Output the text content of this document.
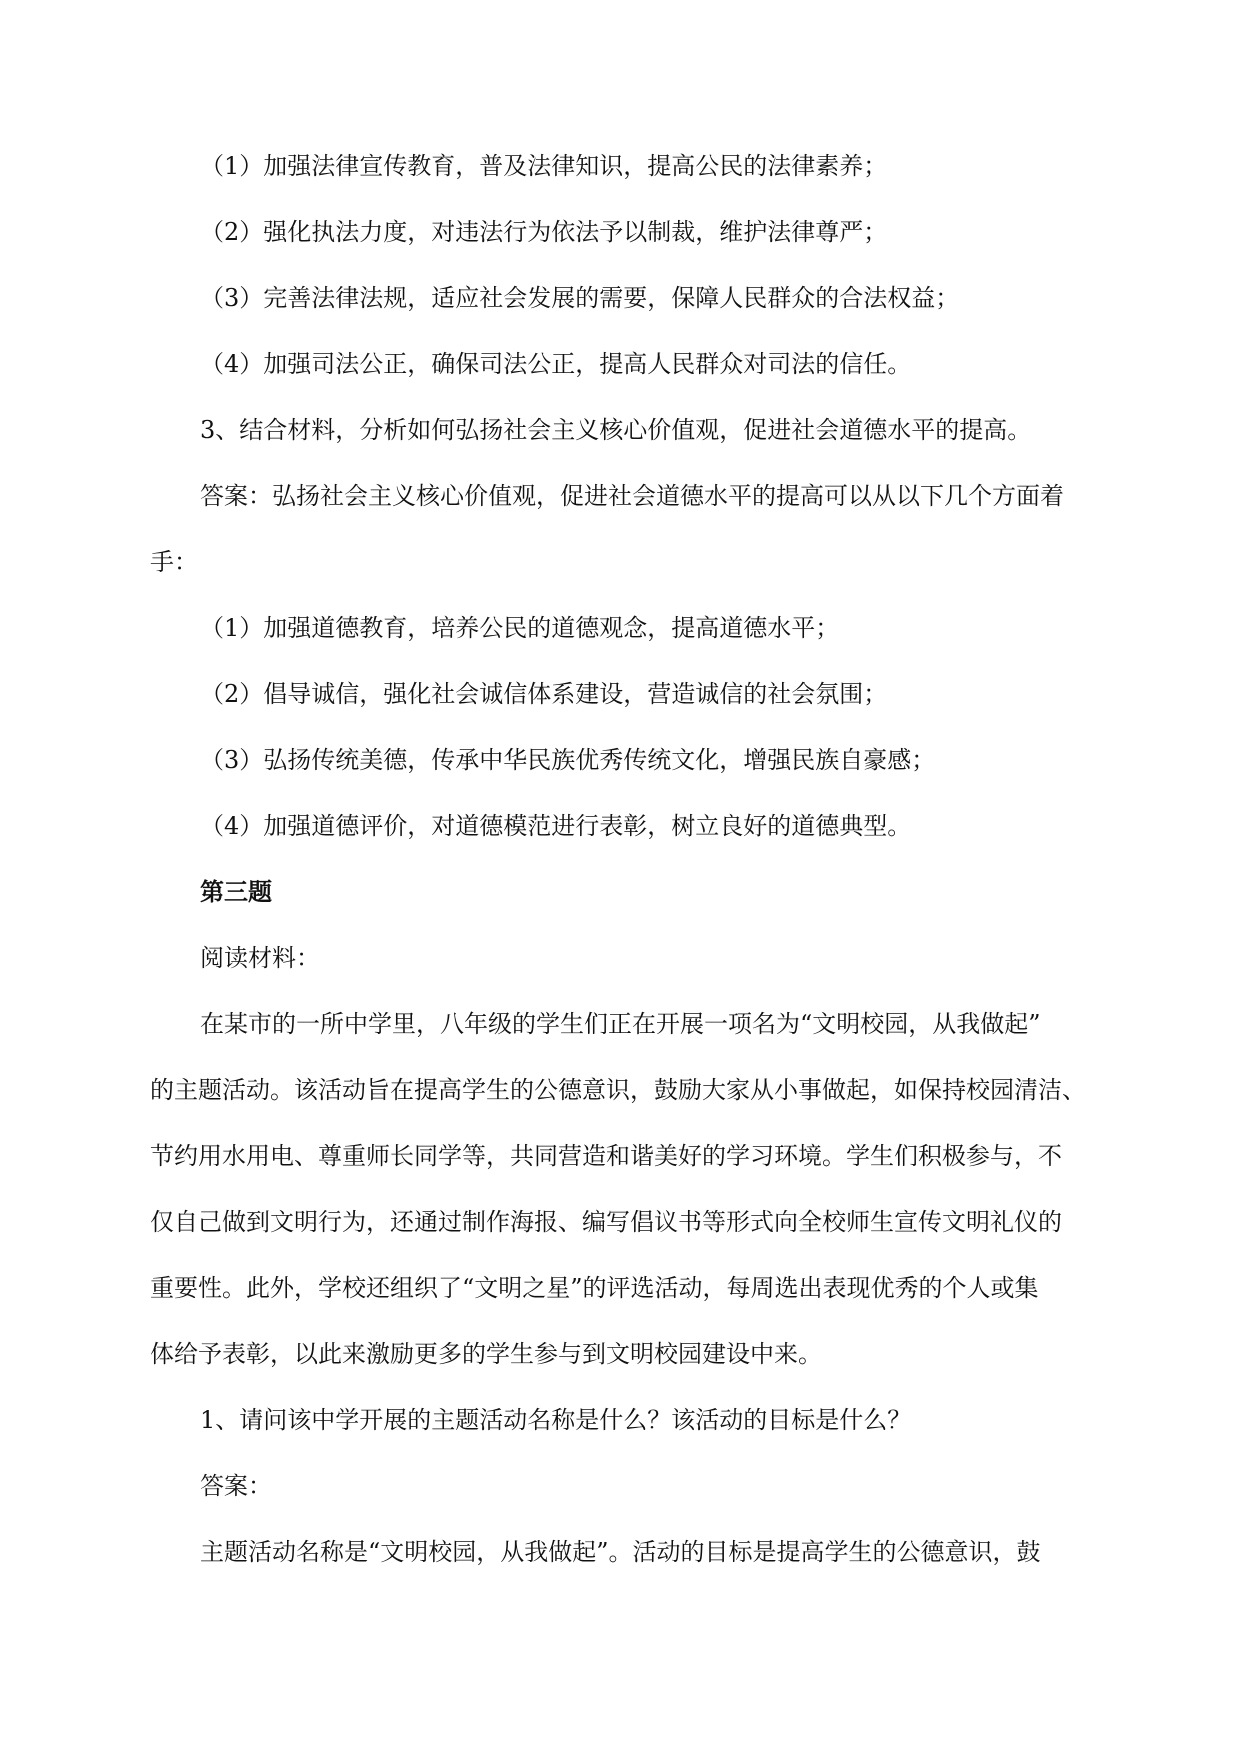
（1）加强法律宣传教育，普及法律知识，提高公民的法律素养；
（2）强化执法力度，对违法行为依法予以制裁，维护法律尊严；
（3）完善法律法规，适应社会发展的需要，保障人民群众的合法权益；
（4）加强司法公正，确保司法公正，提高人民群众对司法的信任。
3、结合材料，分析如何弘扬社会主义核心价值观，促进社会道德水平的提高。
答案：弘扬社会主义核心价值观，促进社会道德水平的提高可以从以下几个方面着
手：
（1）加强道德教育，培养公民的道德观念，提高道德水平；
（2）倡导诚信，强化社会诚信体系建设，营造诚信的社会氛围；
（3）弘扬传统美德，传承中华民族优秀传统文化，增强民族自豪感；
（4）加强道德评价，对道德模范进行表彰，树立良好的道德典型。
第三题
阅读材料：
在某市的一所中学里，八年级的学生们正在开展一项名为“文明校园，从我做起”
的主题活动。该活动旨在提高学生的公德意识，鼓励大家从小事做起，如保持校园清洁、
节约用水用电、尊重师长同学等，共同营造和谐美好的学习环境。学生们积极参与，不
仅自己做到文明行为，还通过制作海报、编写倡议书等形式向全校师生宣传文明礼仪的
重要性。此外，学校还组织了“文明之星”的评选活动，每周选出表现优秀的个人或集
体给予表彰，以此来激励更多的学生参与到文明校园建设中来。
1、请问该中学开展的主题活动名称是什么？该活动的目标是什么？
答案：
主题活动名称是“文明校园，从我做起”。活动的目标是提高学生的公德意识，鼓
